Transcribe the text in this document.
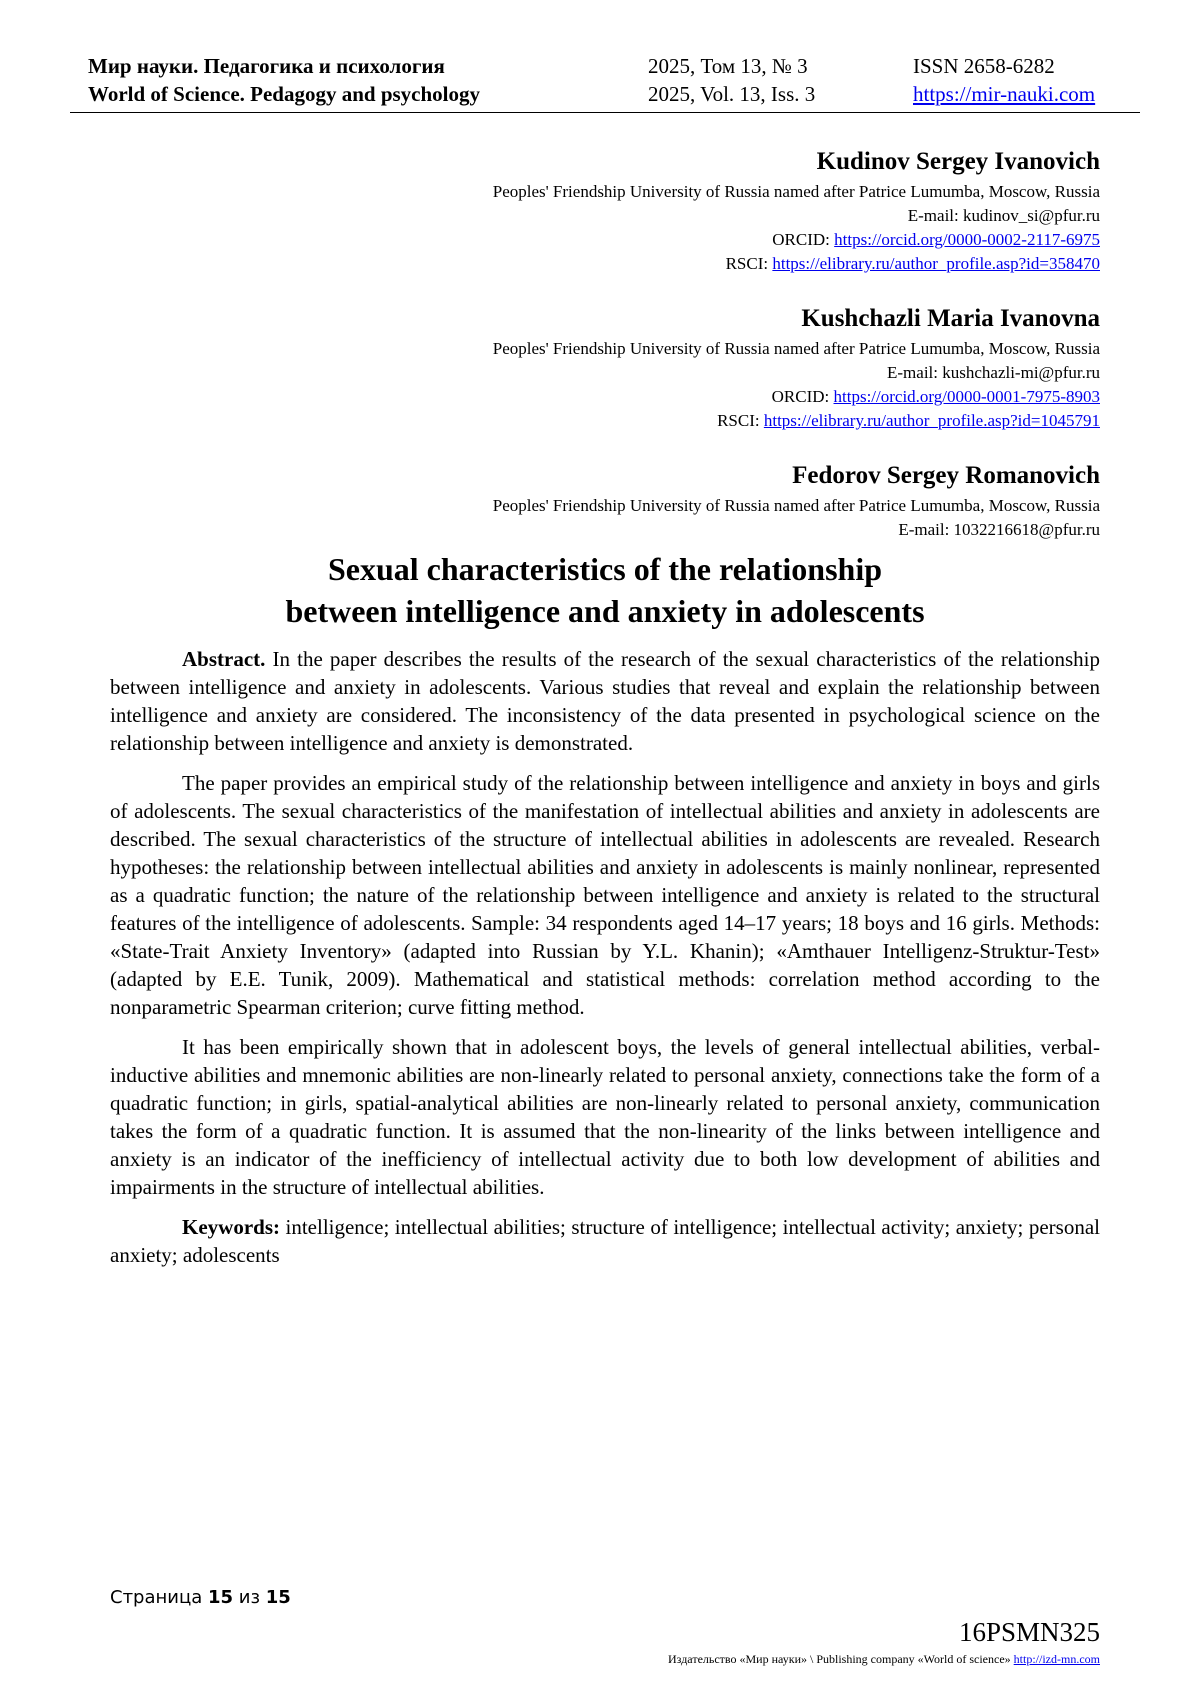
Мир науки. Педагогика и психология
World of Science. Pedagogy and psychology
2025, Том 13, № 3
2025, Vol. 13, Iss. 3
ISSN 2658-6282
https://mir-nauki.com
Kudinov Sergey Ivanovich
Peoples' Friendship University of Russia named after Patrice Lumumba, Moscow, Russia
E-mail: kudinov_si@pfur.ru
ORCID: https://orcid.org/0000-0002-2117-6975
RSCI: https://elibrary.ru/author_profile.asp?id=358470
Kushchazli Maria Ivanovna
Peoples' Friendship University of Russia named after Patrice Lumumba, Moscow, Russia
E-mail: kushchazli-mi@pfur.ru
ORCID: https://orcid.org/0000-0001-7975-8903
RSCI: https://elibrary.ru/author_profile.asp?id=1045791
Fedorov Sergey Romanovich
Peoples' Friendship University of Russia named after Patrice Lumumba, Moscow, Russia
E-mail: 1032216618@pfur.ru
Sexual characteristics of the relationship
between intelligence and anxiety in adolescents

Abstract. In the paper describes the results of the research of the sexual characteristics of the relationship between intelligence and anxiety in adolescents. Various studies that reveal and explain the relationship between intelligence and anxiety are considered. The inconsistency of the data presented in psychological science on the relationship between intelligence and anxiety is demonstrated.

The paper provides an empirical study of the relationship between intelligence and anxiety in boys and girls of adolescents. The sexual characteristics of the manifestation of intellectual abilities and anxiety in adolescents are described. The sexual characteristics of the structure of intellectual abilities in adolescents are revealed. Research hypotheses: the relationship between intellectual abilities and anxiety in adolescents is mainly nonlinear, represented as a quadratic function; the nature of the relationship between intelligence and anxiety is related to the structural features of the intelligence of adolescents. Sample: 34 respondents aged 14–17 years; 18 boys and 16 girls. Methods: «State-Trait Anxiety Inventory» (adapted into Russian by Y.L. Khanin); «Amthauer Intelligenz-Struktur-Test» (adapted by E.E. Tunik, 2009). Mathematical and statistical methods: correlation method according to the nonparametric Spearman criterion; curve fitting method.

It has been empirically shown that in adolescent boys, the levels of general intellectual abilities, verbal-inductive abilities and mnemonic abilities are non-linearly related to personal anxiety, connections take the form of a quadratic function; in girls, spatial-analytical abilities are non-linearly related to personal anxiety, communication takes the form of a quadratic function. It is assumed that the non-linearity of the links between intelligence and anxiety is an indicator of the inefficiency of intellectual activity due to both low development of abilities and impairments in the structure of intellectual abilities.

Keywords: intelligence; intellectual abilities; structure of intelligence; intellectual activity; anxiety; personal anxiety; adolescents

Страница 15 из 15
16PSMN325
Издательство «Мир науки» \ Publishing company «World of science» http://izd-mn.com
